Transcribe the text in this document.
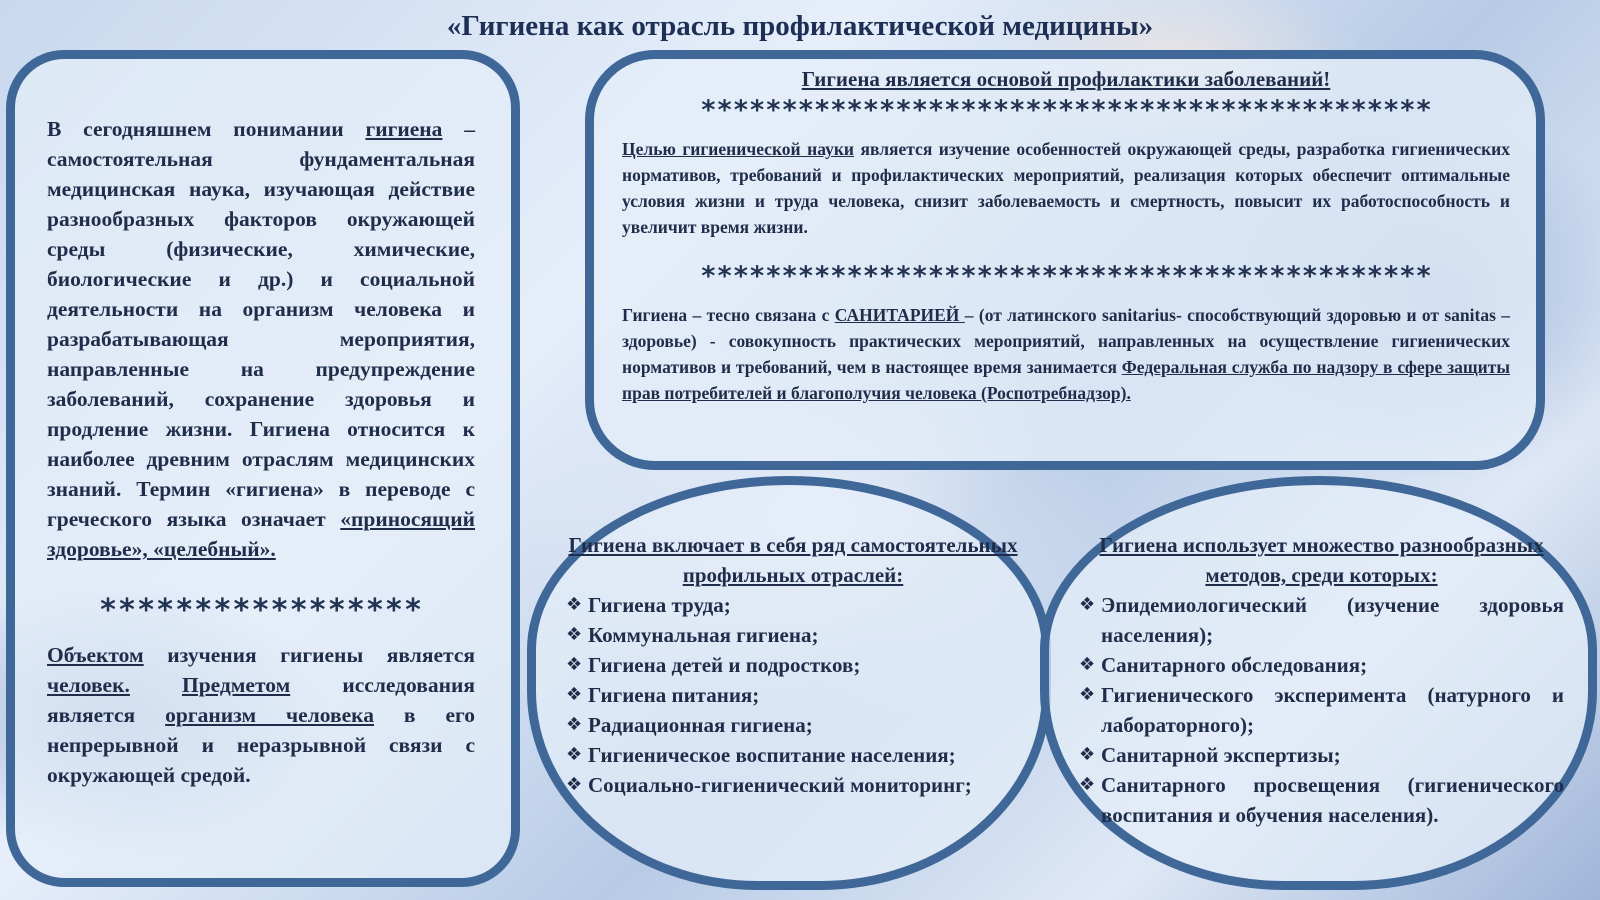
«Гигиена как отрасль профилактической медицины»

В сегодняшнем понимании гигиена – самостоятельная фундаментальная медицинская наука, изучающая действие разнообразных факторов окружающей среды (физические, химические, биологические и др.) и социальной деятельности на организм человека и разрабатывающая мероприятия, направленные на предупреждение заболеваний, сохранение здоровья и продление жизни. Гигиена относится к наиболее древним отраслям медицинских знаний. Термин «гигиена» в переводе с греческого языка означает «приносящий здоровье», «целебный».

*****************

Объектом изучения гигиены является человек. Предметом исследования является организм человека в его непрерывной и неразрывной связи с окружающей средой.

Гигиена является основой профилактики заболеваний!

*********************************************

Целью гигиенической науки является изучение особенностей окружающей среды, разработка гигиенических нормативов, требований и профилактических мероприятий, реализация которых обеспечит оптимальные условия жизни и труда человека, снизит заболеваемость и смертность, повысит их работоспособность и увеличит время жизни.

*********************************************

Гигиена – тесно связана с САНИТАРИЕЙ – (от латинского sanitarius- способствующий здоровью и от sanitas – здоровье) - совокупность практических мероприятий, направленных на осуществление гигиенических нормативов и требований, чем в настоящее время занимается Федеральная служба по надзору в сфере защиты прав потребителей и благополучия человека (Роспотребнадзор).

Гигиена включает в себя ряд самостоятельных профильных отраслей:

❖ Гигиена труда;
❖ Коммунальная гигиена;
❖ Гигиена детей и подростков;
❖ Гигиена питания;
❖ Радиационная гигиена;
❖ Гигиеническое воспитание населения;
❖ Социально-гигиенический мониторинг;

Гигиена использует множество разнообразных методов, среди которых:

❖ Эпидемиологический (изучение здоровья населения);
❖ Санитарного обследования;
❖ Гигиенического эксперимента (натурного и лабораторного);
❖ Санитарной экспертизы;
❖ Санитарного просвещения (гигиенического воспитания и обучения населения).
